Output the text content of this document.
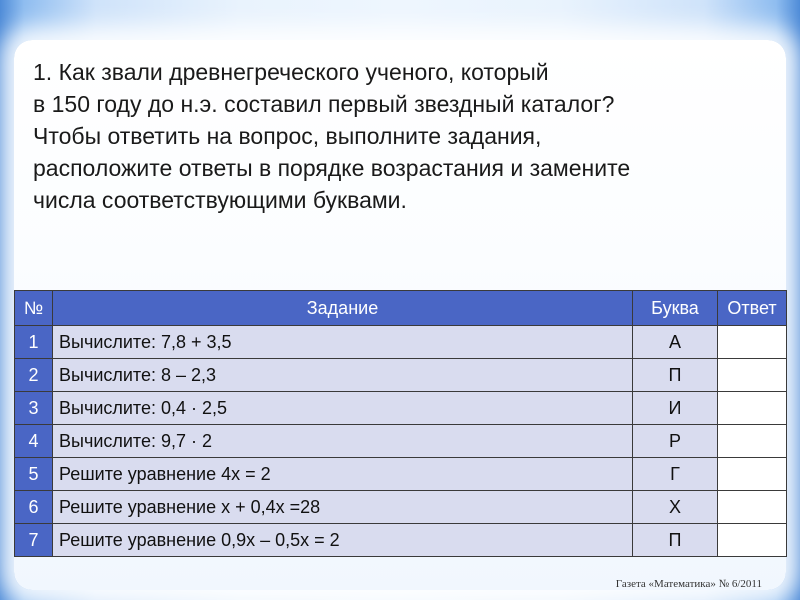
1. Как звали древнегреческого ученого, который
в 150 году до н.э. составил первый звездный каталог?
Чтобы ответить на вопрос, выполните задания,
расположите ответы в порядке возрастания и замените
числа соответствующими буквами.

№	Задание	Буква	Ответ
1	Вычислите: 7,8 + 3,5	А	
2	Вычислите: 8 – 2,3	П	
3	Вычислите: 0,4 · 2,5	И	
4	Вычислите: 9,7 · 2	Р	
5	Решите уравнение 4х = 2	Г	
6	Решите уравнение х + 0,4х =28	Х	
7	Решите уравнение 0,9х – 0,5х = 2	П	
Газета «Математика» № 6/2011
